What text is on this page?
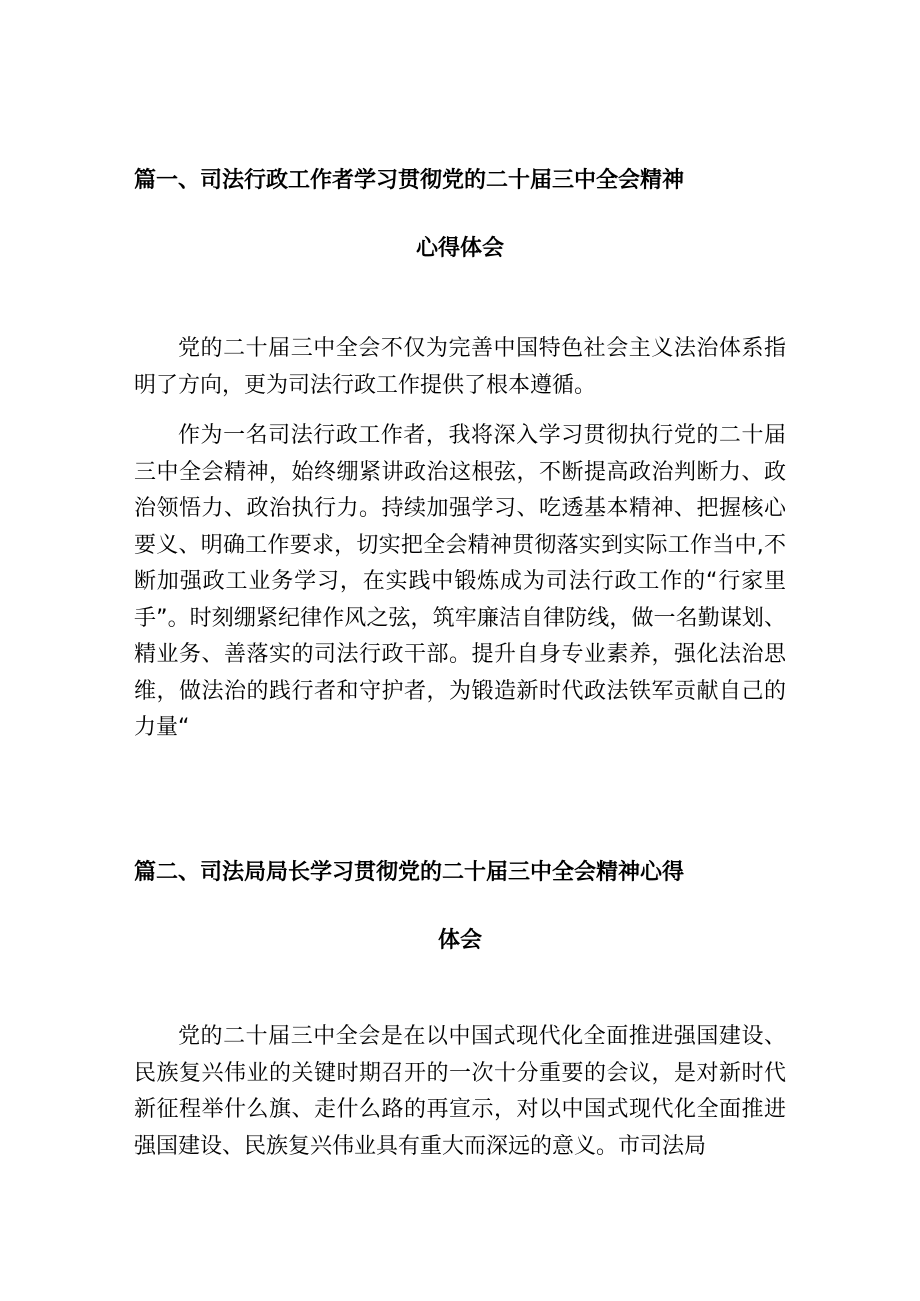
篇一、司法行政工作者学习贯彻党的二十届三中全会精神
心得体会

党的二十届三中全会不仅为完善中国特色社会主义法治体系指明了方向，更为司法行政工作提供了根本遵循。

作为一名司法行政工作者，我将深入学习贯彻执行党的二十届三中全会精神，始终绷紧讲政治这根弦，不断提高政治判断力、政治领悟力、政治执行力。持续加强学习、吃透基本精神、把握核心要义、明确工作要求，切实把全会精神贯彻落实到实际工作当中,不断加强政工业务学习，在实践中锻炼成为司法行政工作的“行家里手”。时刻绷紧纪律作风之弦，筑牢廉洁自律防线，做一名勤谋划、精业务、善落实的司法行政干部。提升自身专业素养，强化法治思维，做法治的践行者和守护者，为锻造新时代政法铁军贡献自己的力量“

篇二、司法局局长学习贯彻党的二十届三中全会精神心得
体会

党的二十届三中全会是在以中国式现代化全面推进强国建设、民族复兴伟业的关键时期召开的一次十分重要的会议，是对新时代新征程举什么旗、走什么路的再宣示，对以中国式现代化全面推进强国建设、民族复兴伟业具有重大而深远的意义。市司法局
